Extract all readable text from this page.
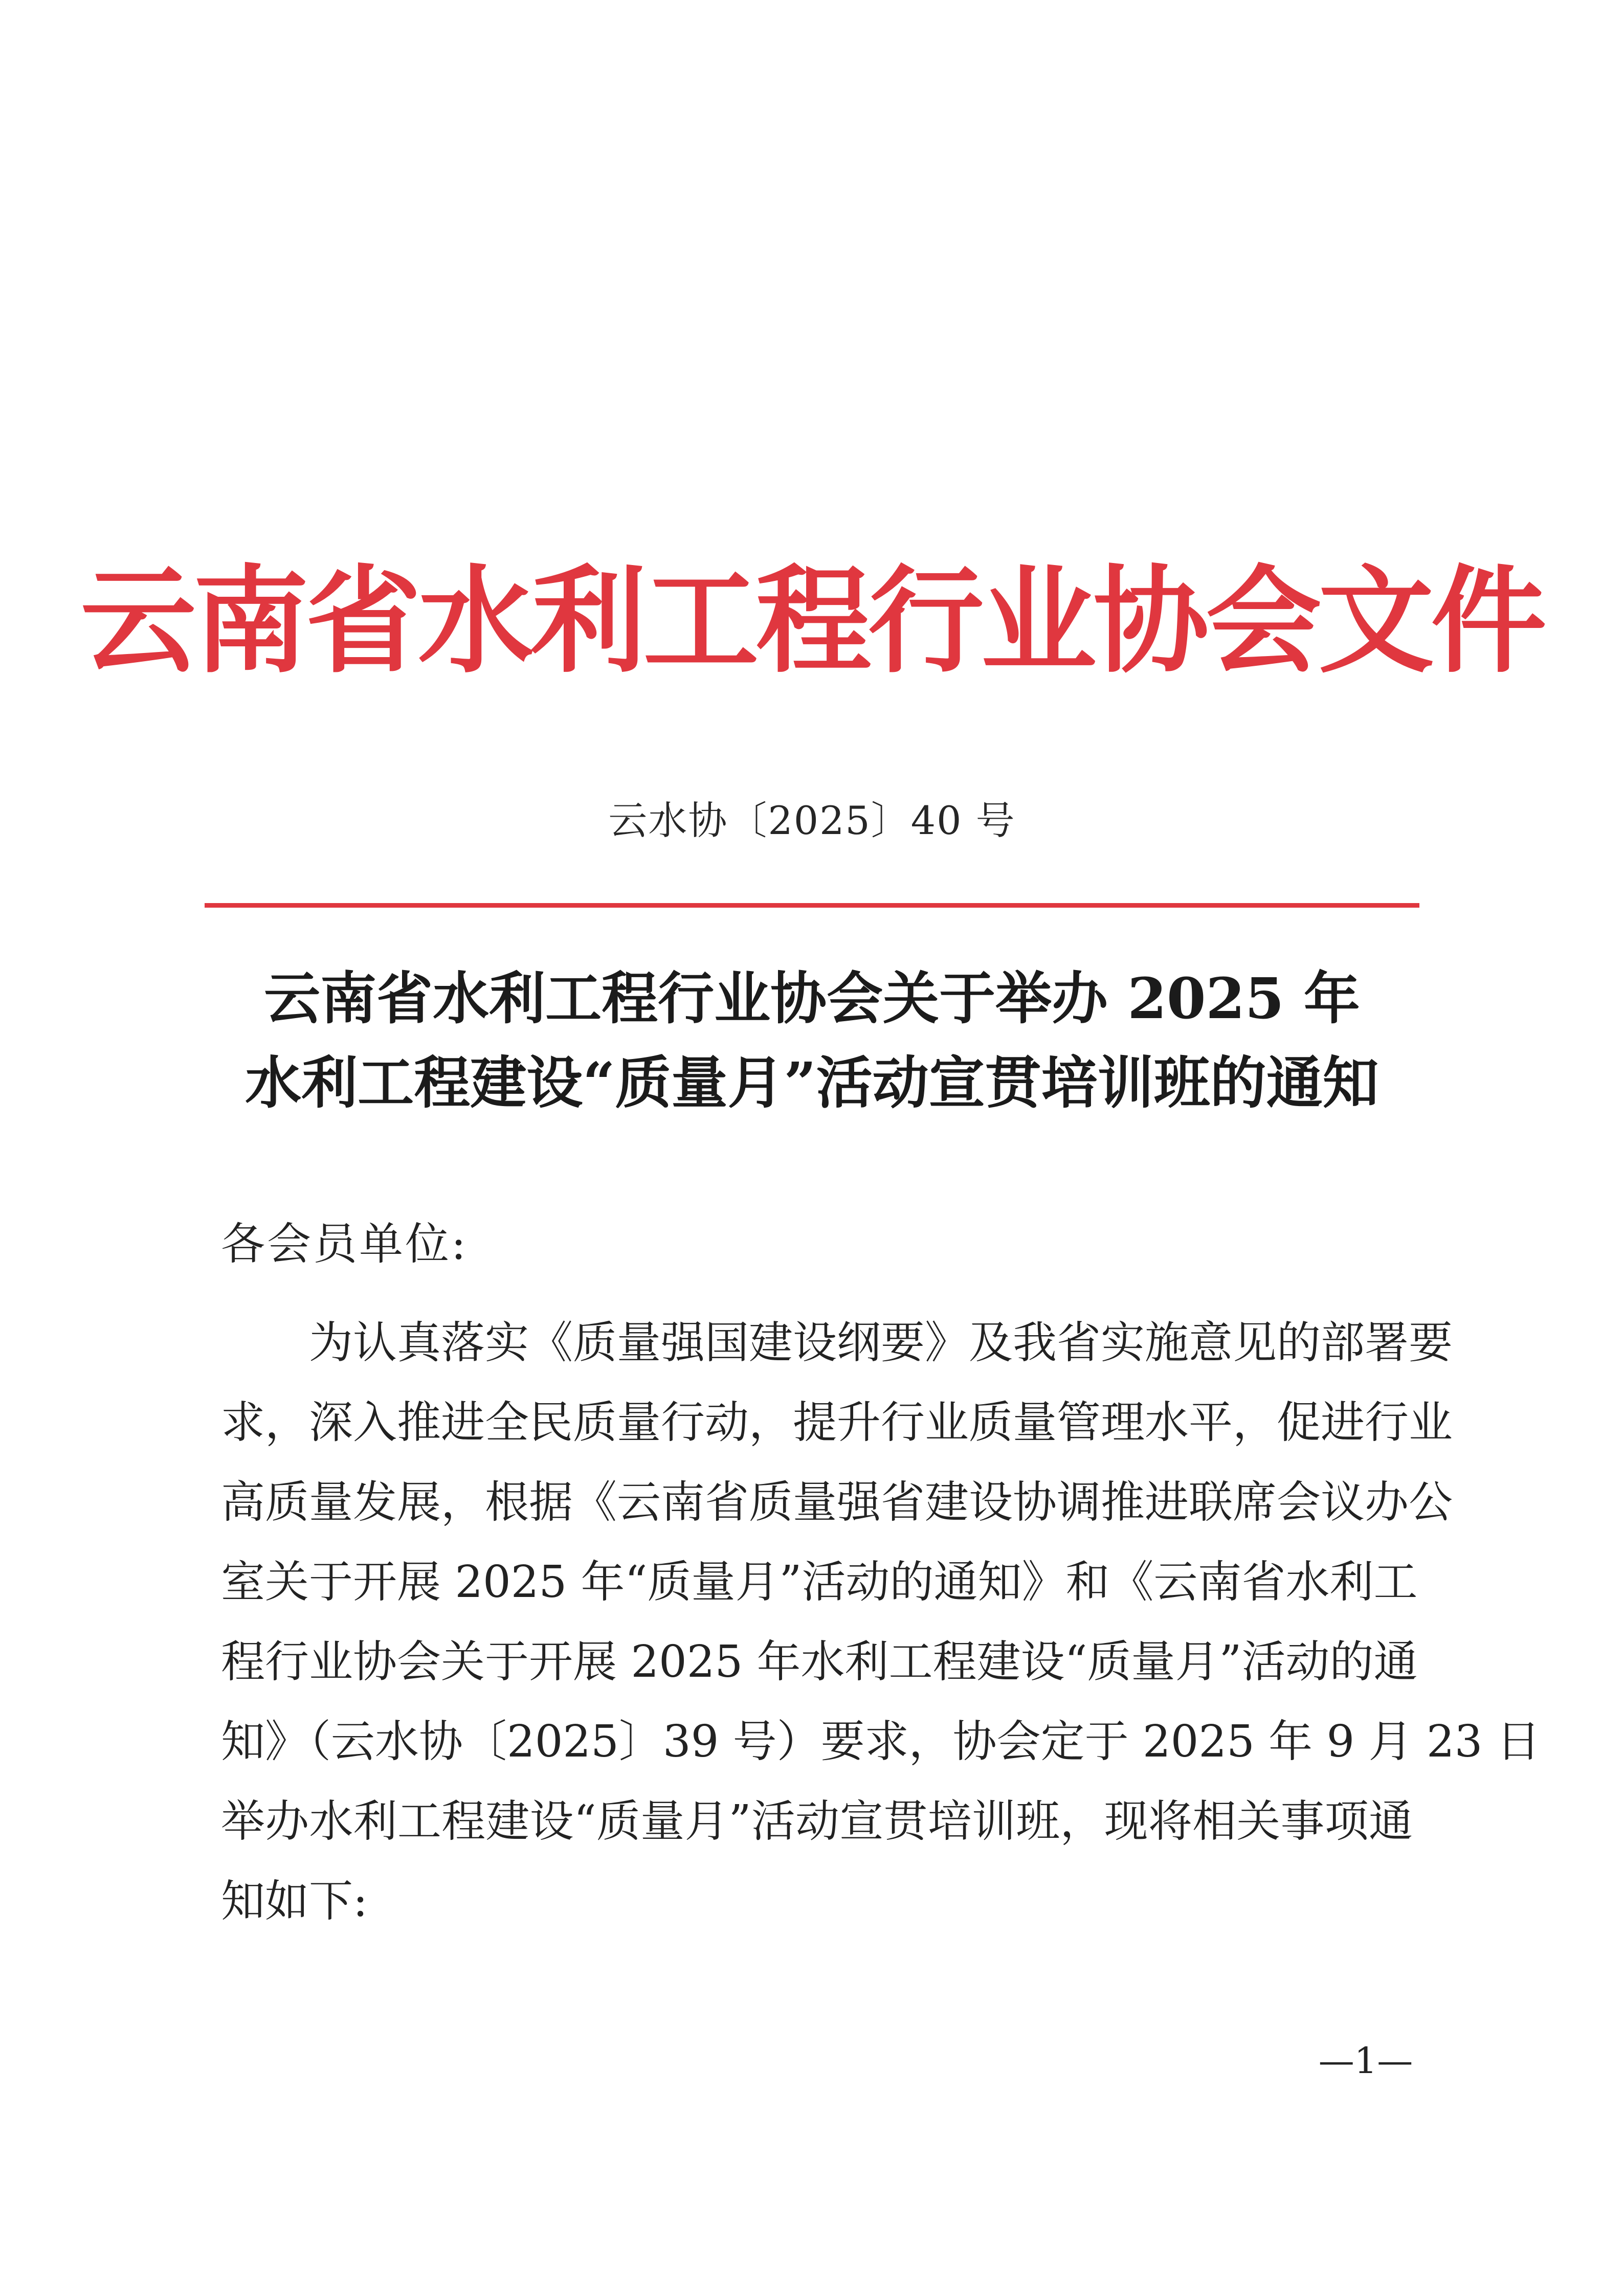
云南省水利工程行业协会文件
云水协〔2025〕40 号
云南省水利工程行业协会关于举办 2025 年
水利工程建设“质量月”活动宣贯培训班的通知
各会员单位:
为认真落实《质量强国建设纲要》及我省实施意见的部署要
求，深入推进全民质量行动，提升行业质量管理水平，促进行业
高质量发展，根据《云南省质量强省建设协调推进联席会议办公
室关于开展 2025 年“质量月”活动的通知》和《云南省水利工
程行业协会关于开展 2025 年水利工程建设“质量月”活动的通
知》（云水协〔2025〕39 号）要求，协会定于 2025 年 9 月 23 日
举办水利工程建设“质量月”活动宣贯培训班，现将相关事项通
知如下:
—1—
